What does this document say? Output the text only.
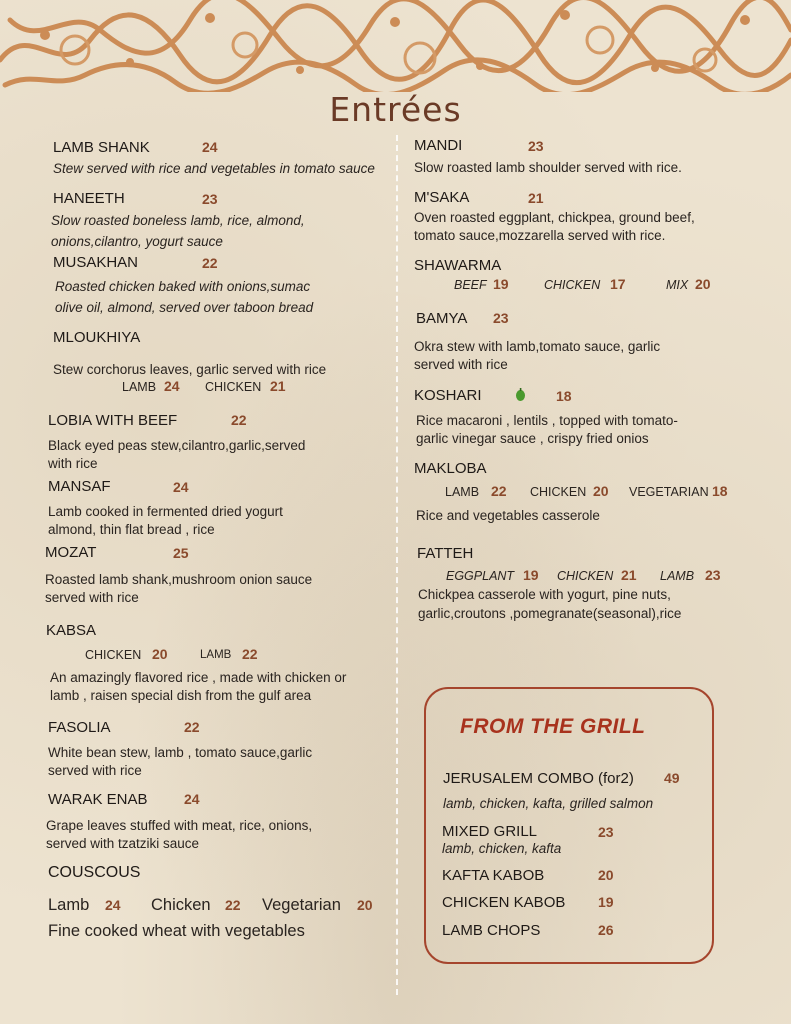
Entrées
LAMB SHANK	24
Stew served with rice and vegetables in tomato sauce
HANEETH	23
Slow roasted boneless lamb, rice, almond,
onions,cilantro, yogurt sauce
MUSAKHAN	22
Roasted chicken baked with onions,sumac
olive oil, almond, served over taboon bread
MLOUKHIYA
Stew corchorus leaves, garlic served with rice
LAMB 24 CHICKEN 21
LOBIA WITH BEEF	22
Black eyed peas stew,cilantro,garlic,served
with rice
MANSAF	24
Lamb cooked in fermented dried yogurt
almond, thin flat bread , rice
MOZAT	25
Roasted lamb shank,mushroom onion sauce
served with rice
KABSA
CHICKEN 20	LAMB 22
An amazingly flavored rice , made with chicken or
lamb , raisen special dish from the gulf area
FASOLIA	22
White bean stew, lamb , tomato sauce,garlic
served with rice
WARAK ENAB	24
Grape leaves stuffed with meat, rice, onions,
served with tzatziki sauce
COUSCOUS
Lamb 24 Chicken 22 Vegetarian 20
Fine cooked wheat with vegetables
MANDI	23
Slow roasted lamb shoulder served with rice.
M'SAKA	21
Oven roasted eggplant, chickpea, ground beef,
tomato sauce,mozzarella served with rice.
SHAWARMA
BEEF 19	CHICKEN 17	MIX 20
BAMYA 23
Okra stew with lamb,tomato sauce, garlic
served with rice
KOSHARI	18
Rice macaroni , lentils , topped with tomato-
garlic vinegar sauce , crispy fried onios
MAKLOBA
LAMB 22 CHICKEN 20 VEGETARIAN 18
Rice and vegetables casserole
FATTEH
EGGPLANT 19 CHICKEN 21 LAMB 23
Chickpea casserole with yogurt, pine nuts,
garlic,croutons ,pomegranate(seasonal),rice
FROM THE GRILL
JERUSALEM COMBO (for2) 49
lamb, chicken, kafta, grilled salmon
MIXED GRILL	23
lamb, chicken, kafta
KAFTA KABOB	20
CHICKEN KABOB 19
LAMB CHOPS	26
